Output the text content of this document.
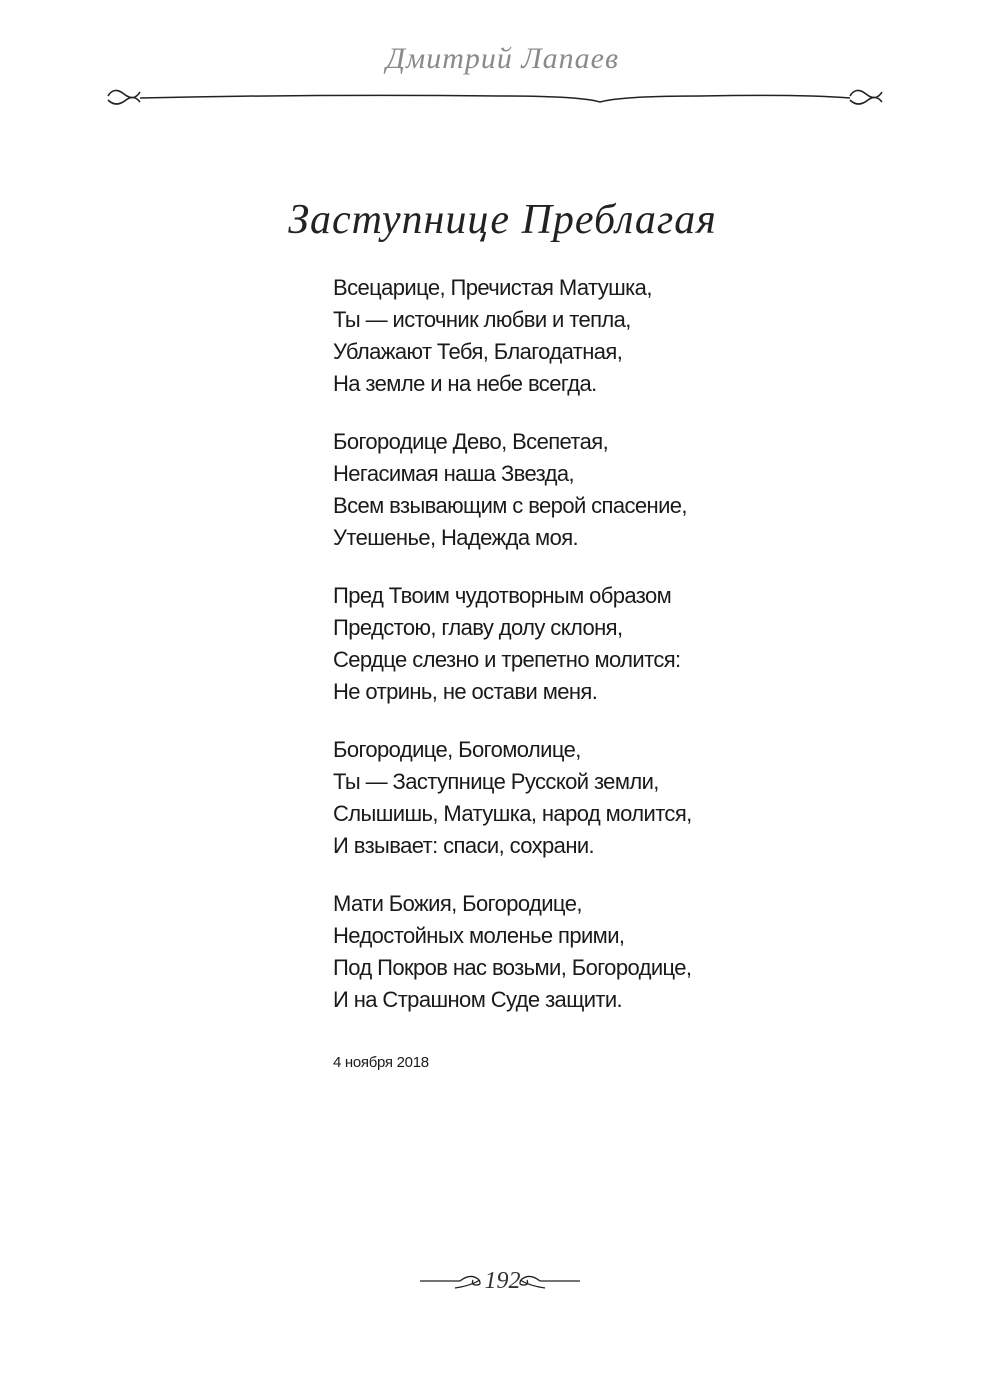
Дмитрий Лапаев
Заступнице Преблагая
Всецарице, Пречистая Матушка,
Ты — источник любви и тепла,
Ублажают Тебя, Благодатная,
На земле и на небе всегда.
Богородице Дево, Всепетая,
Негасимая наша Звезда,
Всем взывающим с верой спасение,
Утешенье, Надежда моя.
Пред Твоим чудотворным образом
Предстою, главу долу склоня,
Сердце слезно и трепетно молится:
Не отринь, не остави меня.
Богородице, Богомолице,
Ты — Заступнице Русской земли,
Слышишь, Матушка, народ молится,
И взывает: спаси, сохрани.
Мати Божия, Богородице,
Недостойных моленье прими,
Под Покров нас возьми, Богородице,
И на Страшном Суде защити.
4 ноября 2018
192
